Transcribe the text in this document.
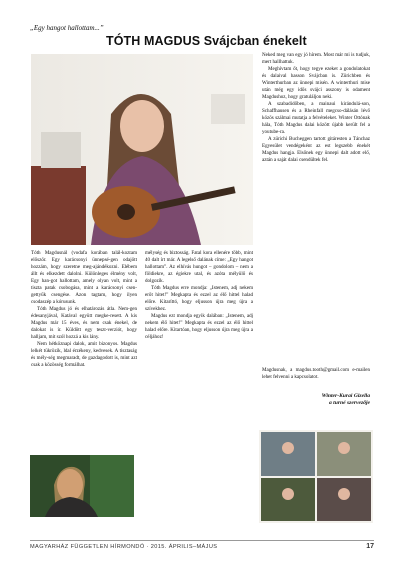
„Egy hangot hallottam...”
TÓTH MAGDUS Svájcban énekelt

Tóth Magdusnál (vodafa korában talál-koztam először. Egy karácsonyi ünnepsé-gen odajött hozzám, hogy szeretne meg-ajándékozni. Elébem állt és elkezdett dalolni. Különleges élmény volt, Egy han-got hallottam, amely olyan volt, mint a tiszta patak csobogása, mint a karácsonyi csen-gettyűk csengése. Azon tagtam, hogy ilyen csodaszép a kórusunk.

Tóth Magdus jó és elhatározás átla. Nem-gen édesanyjával, Katával együtt megke-resett. A kis Magdus már 15 éves, és nem csak énekel, de dalokat is ír. Küldött egy teszt-verziót, hogy halljam, mit szól hozzá a kis lány.

Nem hétköznapi dalok, amit bizonyos. Magdus lelkét tükrözik, ldal érzékeny, kedvesek. A tisztaság és mély-ség megmaradt, de gazdagodott is, mint azt csak a közösség formálhat.

mélység és biztosság. Fatal kora ellenére több, mint 40 dalt írt már. A legelső dalának címe: „Egy hangot hallottam”. Az elhívás hungot – gondolom – nem a földiekre, az égiekre utal, és azóta mélyülő és dolgozik.

Tóth Magdus erre mondja: „Istenem, adj nekem erőt hitet!” Megkapta és ezzel az élő hittel halad előre. Kitaríttó, hogy eljusson újra meg újra a szívekhez.

Magdus ezt mondja egyik dalában: „Istenem, adj nekem élő hitet!” Megkapta és ezzel az élő hittel halad előre. Kitartóan, hogy eljusson újra meg újra a céljához!

Neked meg van egy jó hírem. Most már mi is tudjuk, mert hallhattuk.

Meghívtam őt, hogy tegye ezeket a gondolatokat és dalaival hasson Svájcban is. Zürichben és Winterthurban az ünnepi misén. A winterthuri mise után még egy idős svájci asszony is odament Magdushoz, hogy gratuláljon neki.

A szabadidőben, a mainaui kirándulá-son, Schaffhausen és a Rheinfall megcso-dálásán lévő közös szálmai mutatja a felvételeket. Winter Ottónak hála, Tóth Magdus dalai között újabb került fel a youtube-ra.

A zürichi Bucheggen tartott gitáresten a Tánchaz Egyesület vendégeként az est legszebb énekét Magdus hangja. Elsőnek egy ünnepi dalt adott elő, aztán a saját dalai csendültek fel.

Magdusnak, a magdus.tooth@gmail.com e-mailen lehet felvenni a kapcsolatot.

Winter-Kurai Gizella
a turné szervezője
MAGYARHÁZ FÜGGETLEN HÍRMONDÓ · 2015. ÁPRILIS–MÁJUS	17
